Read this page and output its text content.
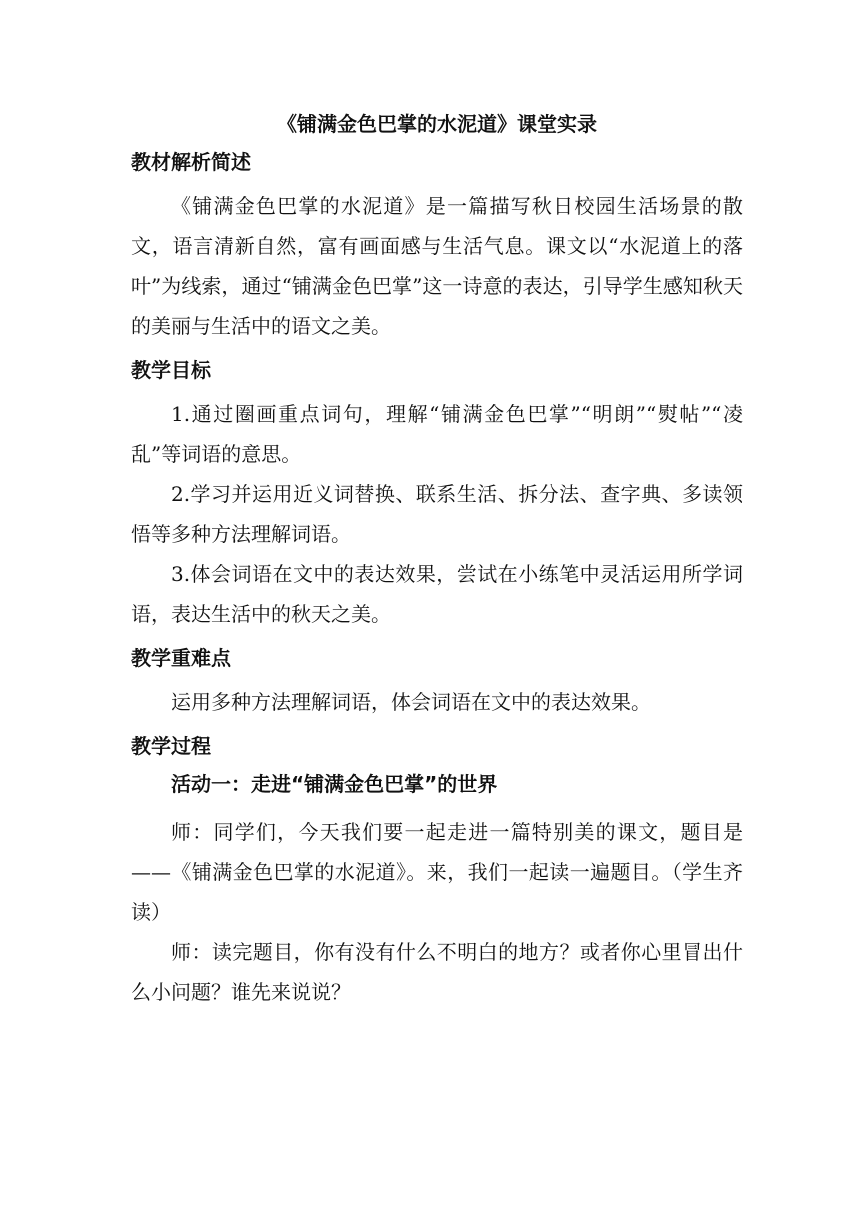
《铺满金色巴掌的水泥道》课堂实录
教材解析简述

《铺满金色巴掌的水泥道》是一篇描写秋日校园生活场景的散文，语言清新自然，富有画面感与生活气息。课文以“水泥道上的落叶”为线索，通过“铺满金色巴掌”这一诗意的表达，引导学生感知秋天的美丽与生活中的语文之美。

教学目标

1.通过圈画重点词句，理解“铺满金色巴掌”“明朗”“熨帖”“凌乱”等词语的意思。

2.学习并运用近义词替换、联系生活、拆分法、查字典、多读领悟等多种方法理解词语。

3.体会词语在文中的表达效果，尝试在小练笔中灵活运用所学词语，表达生活中的秋天之美。

教学重难点

运用多种方法理解词语，体会词语在文中的表达效果。

教学过程
活动一：走进“铺满金色巴掌”的世界

师：同学们，今天我们要一起走进一篇特别美的课文，题目是——《铺满金色巴掌的水泥道》。来，我们一起读一遍题目。（学生齐读）

师：读完题目，你有没有什么不明白的地方？或者你心里冒出什么小问题？谁先来说说？
